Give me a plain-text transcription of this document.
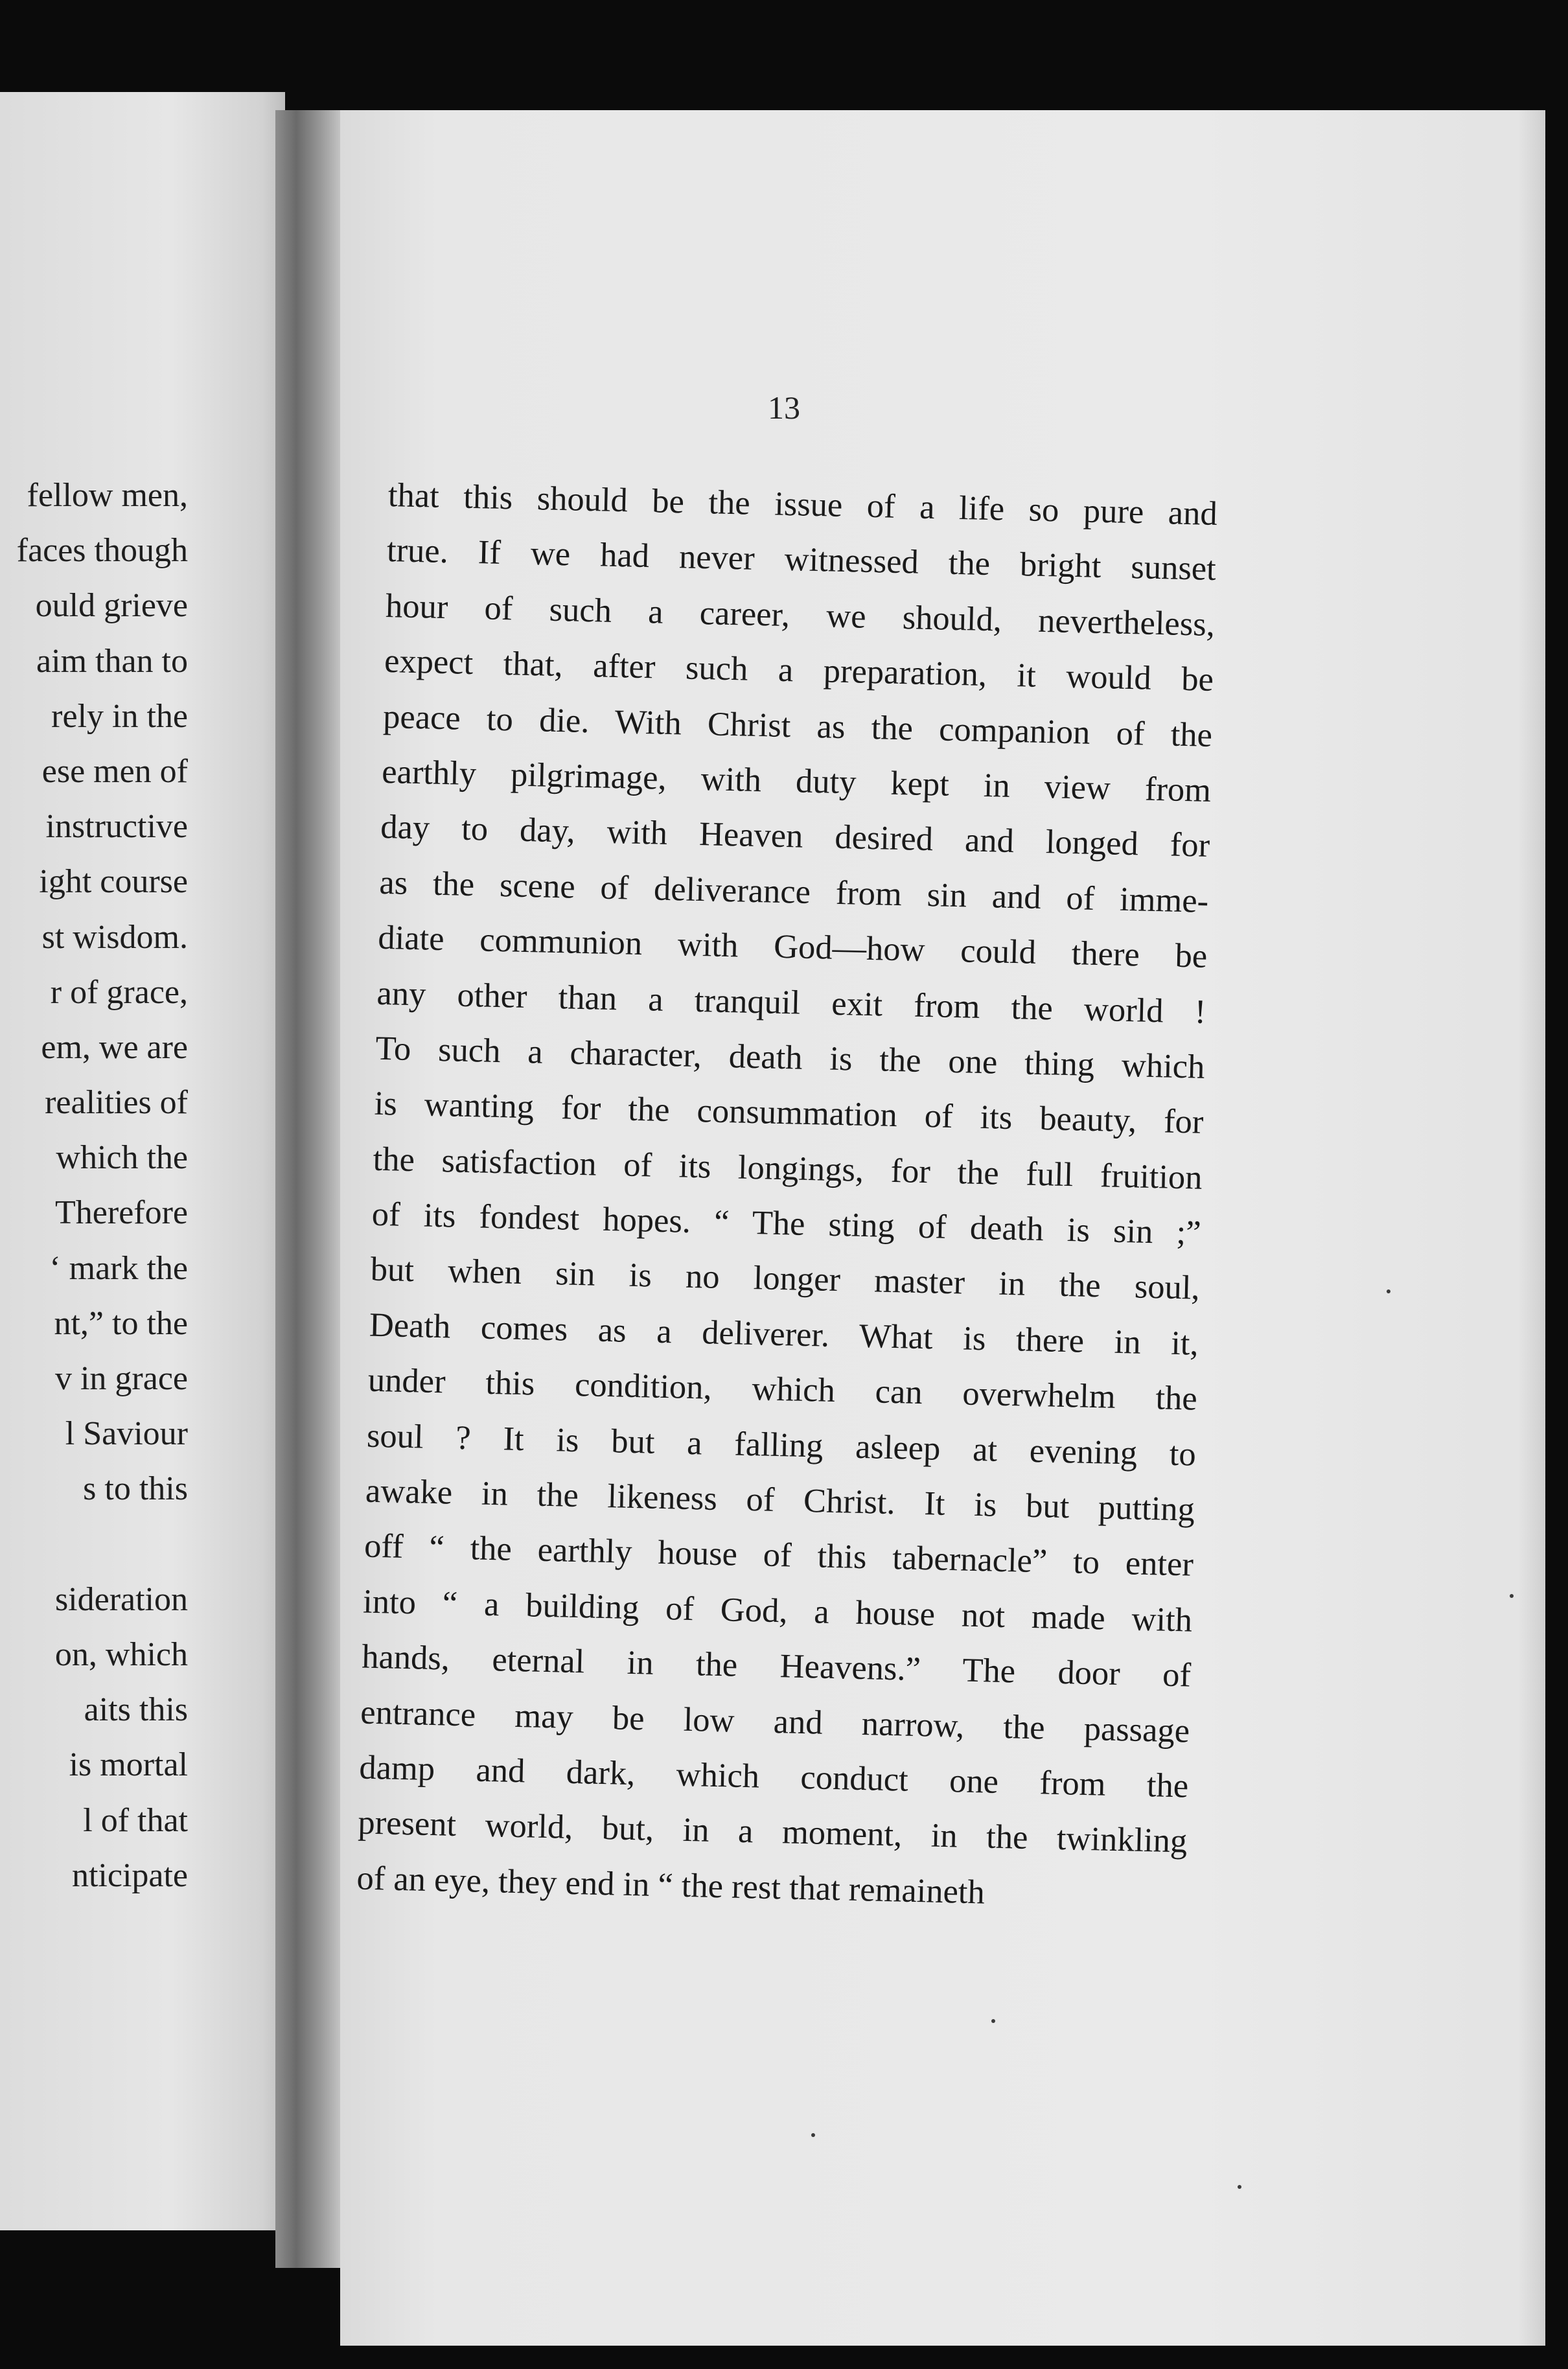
fellow men,
faces though
ould grieve
aim than to
rely in the
ese men of
instructive
ight course
st wisdom.
r of grace,
em, we are
realities of
which the
Therefore
‘ mark the
nt,” to the
v in grace
l Saviour
s to this
sideration
on, which
aits this
is mortal
l of that
nticipate
13
that this should be the issue of a life so pure and
true. If we had never witnessed the bright sunset
hour of such a career, we should, nevertheless,
expect that, after such a preparation, it would be
peace to die. With Christ as the companion of the
earthly pilgrimage, with duty kept in view from
day to day, with Heaven desired and longed for
as the scene of deliverance from sin and of imme-
diate communion with God—how could there be
any other than a tranquil exit from the world !
To such a character, death is the one thing which
is wanting for the consummation of its beauty, for
the satisfaction of its longings, for the full fruition
of its fondest hopes. “ The sting of death is sin ;”
but when sin is no longer master in the soul,
Death comes as a deliverer. What is there in it,
under this condition, which can overwhelm the
soul ? It is but a falling asleep at evening to
awake in the likeness of Christ. It is but putting
off “ the earthly house of this tabernacle” to enter
into “ a building of God, a house not made with
hands, eternal in the Heavens.” The door of
entrance may be low and narrow, the passage
damp and dark, which conduct one from the
present world, but, in a moment, in the twinkling
of an eye, they end in “ the rest that remaineth
